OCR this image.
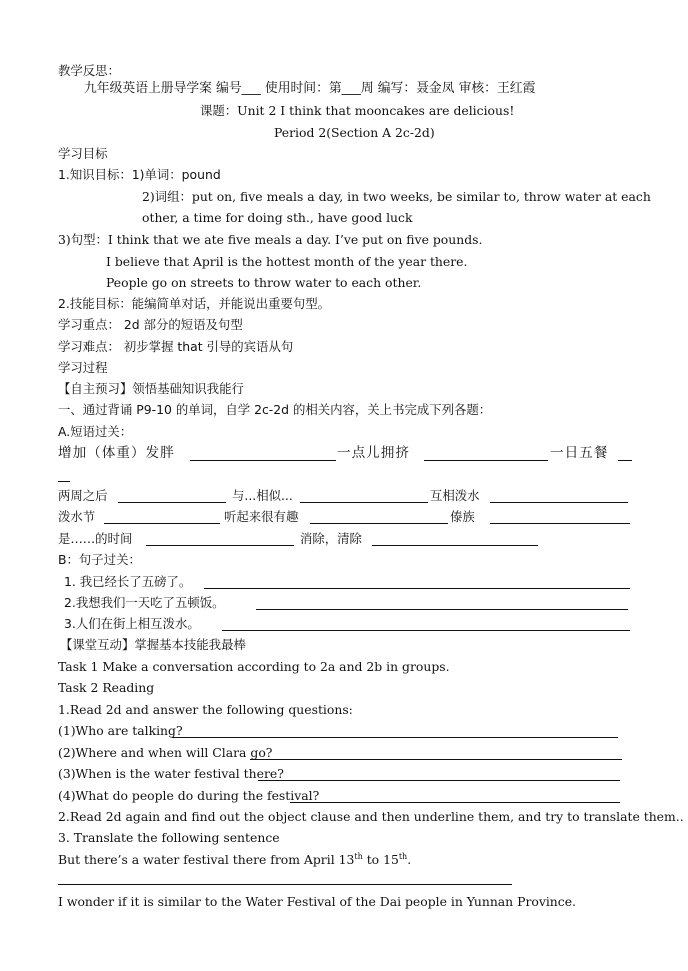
教学反思：
九年级英语上册导学案 编号___ 使用时间：第___周 编写：聂金凤 审核：王红霞
课题：Unit 2 I think that mooncakes are delicious!
Period 2(Section A 2c-2d)
学习目标
1.知识目标：1)单词：pound
2)词组：put on, five meals a day, in two weeks, be similar to, throw water at each
other, a time for doing sth., have good luck
3)句型：I think that we ate five meals a day. I’ve put on five pounds.
I believe that April is the hottest month of the year there.
People go on streets to throw water to each other.
2.技能目标：能编简单对话，并能说出重要句型。
学习重点： 2d 部分的短语及句型
学习难点： 初步掌握 that 引导的宾语从句
学习过程
【自主预习】领悟基础知识我能行
一、通过背诵 P9-10 的单词，自学 2c-2d 的相关内容，关上书完成下列各题：
A.短语过关：
增加（体重）发胖	一点儿拥挤	一日五餐
两周之后	与...相似...	互相泼水
泼水节	听起来很有趣	傣族
是……的时间	消除，清除
B：句子过关：
1. 我已经长了五磅了。
2.我想我们一天吃了五顿饭。
3.人们在街上相互泼水。
【课堂互动】掌握基本技能我最棒
Task 1 Make a conversation according to 2a and 2b in groups.
Task 2 Reading
1.Read 2d and answer the following questions:
(1)Who are talking?
(2)Where and when will Clara go?
(3)When is the water festival there?
(4)What do people do during the festival?
2.Read 2d again and find out the object clause and then underline them, and try to translate them..
3. Translate the following sentence
But there’s a water festival there from April 13th to 15th.
I wonder if it is similar to the Water Festival of the Dai people in Yunnan Province.
